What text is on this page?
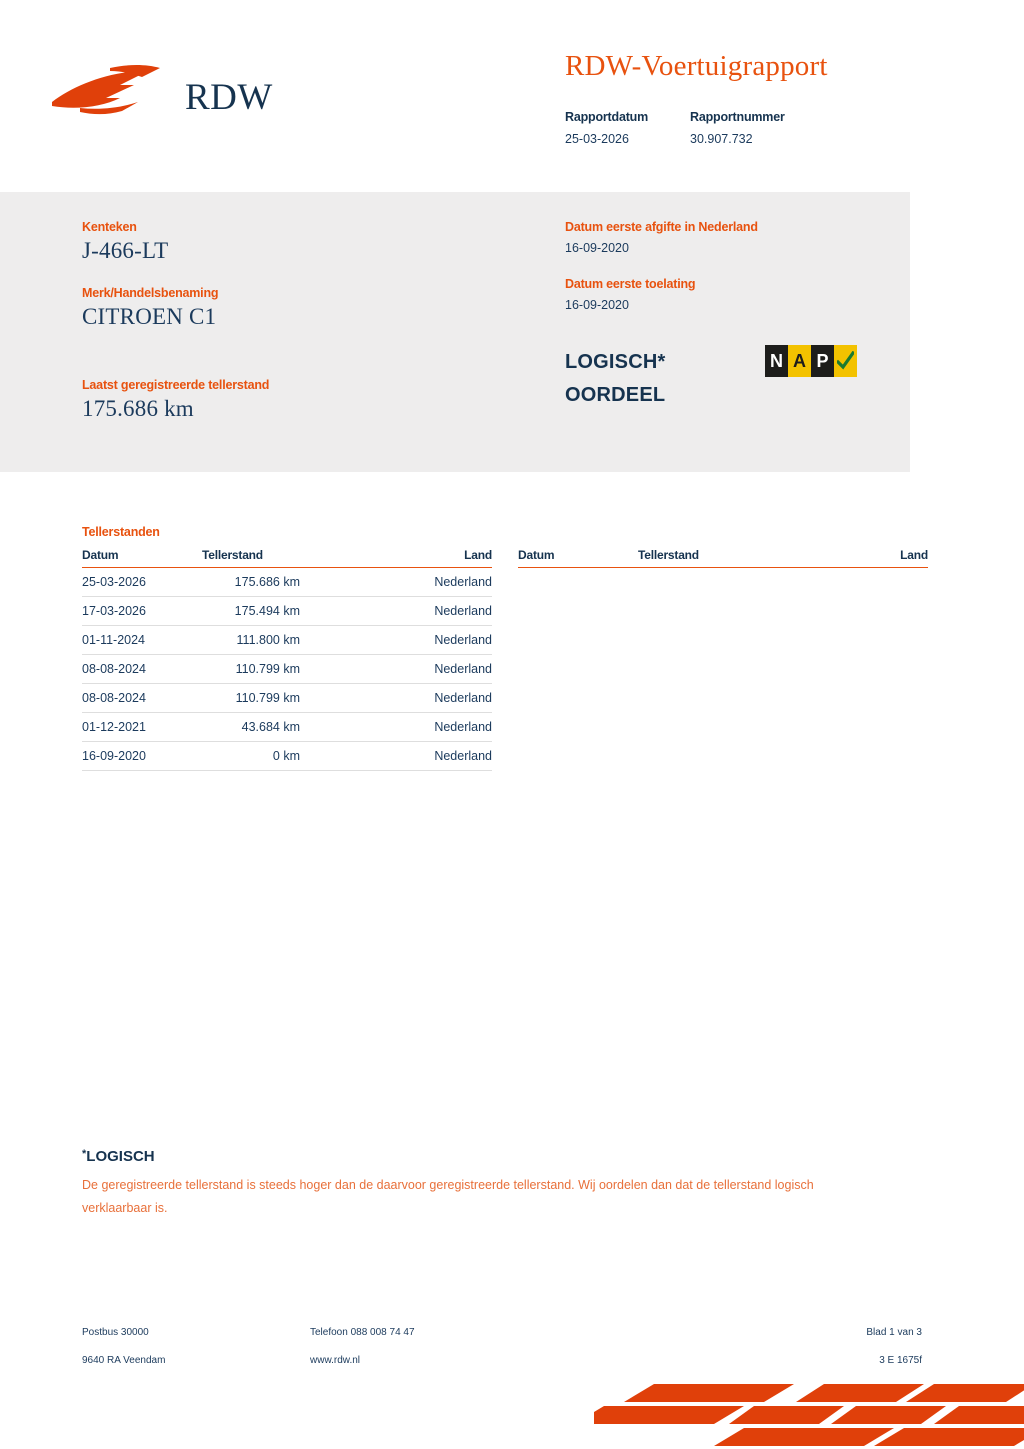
RDW
RDW-Voertuigrapport
Rapportdatum	Rapportnummer
25-03-2026	30.907.732
Kenteken
J-466-LT
Merk/Handelsbenaming
CITROEN C1
Laatst geregistreerde tellerstand
175.686 km
Datum eerste afgifte in Nederland
16-09-2020
Datum eerste toelating
16-09-2020
LOGISCH*
OORDEEL
N A P
Tellerstanden
Datum	Tellerstand	Land
25-03-2026	175.686 km	Nederland
17-03-2026	175.494 km	Nederland
01-11-2024	111.800 km	Nederland
08-08-2024	110.799 km	Nederland
08-08-2024	110.799 km	Nederland
01-12-2021	43.684 km	Nederland
16-09-2020	0 km	Nederland
Datum	Tellerstand	Land
*LOGISCH
De geregistreerde tellerstand is steeds hoger dan de daarvoor geregistreerde tellerstand. Wij oordelen dan dat de tellerstand logisch verklaarbaar is.
Postbus 30000	Telefoon 088 008 74 47	Blad 1 van 3
9640 RA Veendam	www.rdw.nl	3 E 1675f
